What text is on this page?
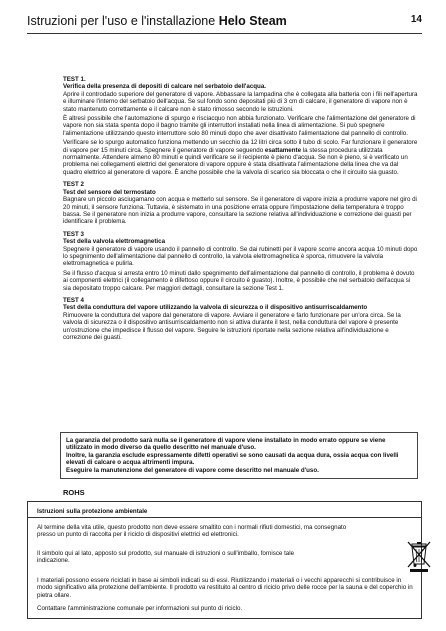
Istruzioni per l'uso e l'installazione Helo Steam	14
TEST 1.
Verifica della presenza di depositi di calcare nel serbatoio dell'acqua.

Aprire il controdado superiore del generatore di vapore. Abbassare la lampadina che è collegata alla batteria con i fili nell'apertura e illuminare l'interno del serbatoio dell'acqua. Se sul fondo sono depositati più di 3 cm di calcare, il generatore di vapore non è stato mantenuto correttamente e il calcare non è stato rimosso secondo le istruzioni.

È altresì possibile che l'automazione di spurgo e risciacquo non abbia funzionato. Verificare che l'alimentazione del generatore di vapore non sia stata spenta dopo il bagno tramite gli interruttori installati nella linea di alimentazione. Si può spegnere l'alimentazione utilizzando questo interruttore solo 80 minuti dopo che aver disattivato l'alimentazione dal pannello di controllo.

Verificare se lo spurgo automatico funziona mettendo un secchio da 12 litri circa sotto il tubo di scolo. Far funzionare il generatore di vapore per 15 minuti circa. Spegnere il generatore di vapore seguendo esattamente la stessa procedura utilizzata normalmente. Attendere almeno 80 minuti e quindi verificare se il recipiente è pieno d'acqua. Se non è pieno, si è verificato un problema nei collegamenti elettrici del generatore di vapore oppure è stata disattivata l'alimentazione della linea che va dal quadro elettrico al generatore di vapore. È anche possibile che la valvola di scarico sia bloccata o che il circuito sia guasto.

TEST 2
Test del sensore del termostato

Bagnare un piccolo asciugamano con acqua e metterlo sul sensore. Se il generatore di vapore inizia a produrre vapore nel giro di 20 minuti, il sensore funziona. Tuttavia, è sistemato in una posizione errata oppure l'impostazione della temperatura è troppo bassa. Se il generatore non inizia a produrre vapore, consultare la sezione relativa all'individuazione e correzione dei guasti per identificare il problema.

TEST 3
Test della valvola elettromagnetica

Spegnere il generatore di vapore usando il pannello di controllo. Se dai rubinetti per il vapore scorre ancora acqua 10 minuti dopo lo spegnimento dell'alimentazione dal pannello di controllo, la valvola elettromagnetica è sporca, rimuovere la valvola elettromagnetica e pulirla.

Se il flusso d'acqua si arresta entro 10 minuti dallo spegnimento dell'alimentazione dal pannello di controllo, il problema è dovuto ai componenti elettrici (il collegamento è difettoso oppure il circuito è guasto). Inoltre, è possibile che nel serbatoio dell'acqua si sia depositato troppo calcare. Per maggiori dettagli, consultare la sezione Test 1.

TEST 4
Test della conduttura del vapore utilizzando la valvola di sicurezza o il dispositivo antisurriscaldamento

Rimuovere la conduttura del vapore dal generatore di vapore. Avviare il generatore e farlo funzionare per un'ora circa. Se la valvola di sicurezza o il dispositivo antisurriscaldamento non si attiva durante il test, nella conduttura del vapore è presente un'ostruzione che impedisce il flusso del vapore. Seguire le istruzioni riportate nella sezione relativa all'individuazione e correzione dei guasti.

La garanzia del prodotto sarà nulla se il generatore di vapore viene installato in modo errato oppure se viene utilizzato in modo diverso da quello descritto nel manuale d'uso.
Inoltre, la garanzia esclude espressamente difetti operativi se sono causati da acqua dura, ossia acqua con livelli elevati di calcare o acqua altrimenti impura.
Eseguire la manutenzione del generatore di vapore come descritto nel manuale d'uso.
ROHS
Istruzioni sulla protezione ambientale

Al termine della vita utile, questo prodotto non deve essere smaltito con i normali rifiuti domestici, ma consegnato presso un punto di raccolta per il riciclo di dispositivi elettrici ed elettronici.

Il simbolo qui al lato, apposto sul prodotto, sul manuale di istruzioni o sull'imballo, fornisce tale indicazione.

I materiali possono essere riciclati in base ai simboli indicati su di essi. Riutilizzando i materiali o i vecchi apparecchi si contribuisce in modo significativo alla protezione dell'ambiente. Il prodotto va restituito al centro di riciclo privo delle rocce per la sauna e del coperchio in pietra ollare.

Contattare l'amministrazione comunale per informazioni sul punto di riciclo.
